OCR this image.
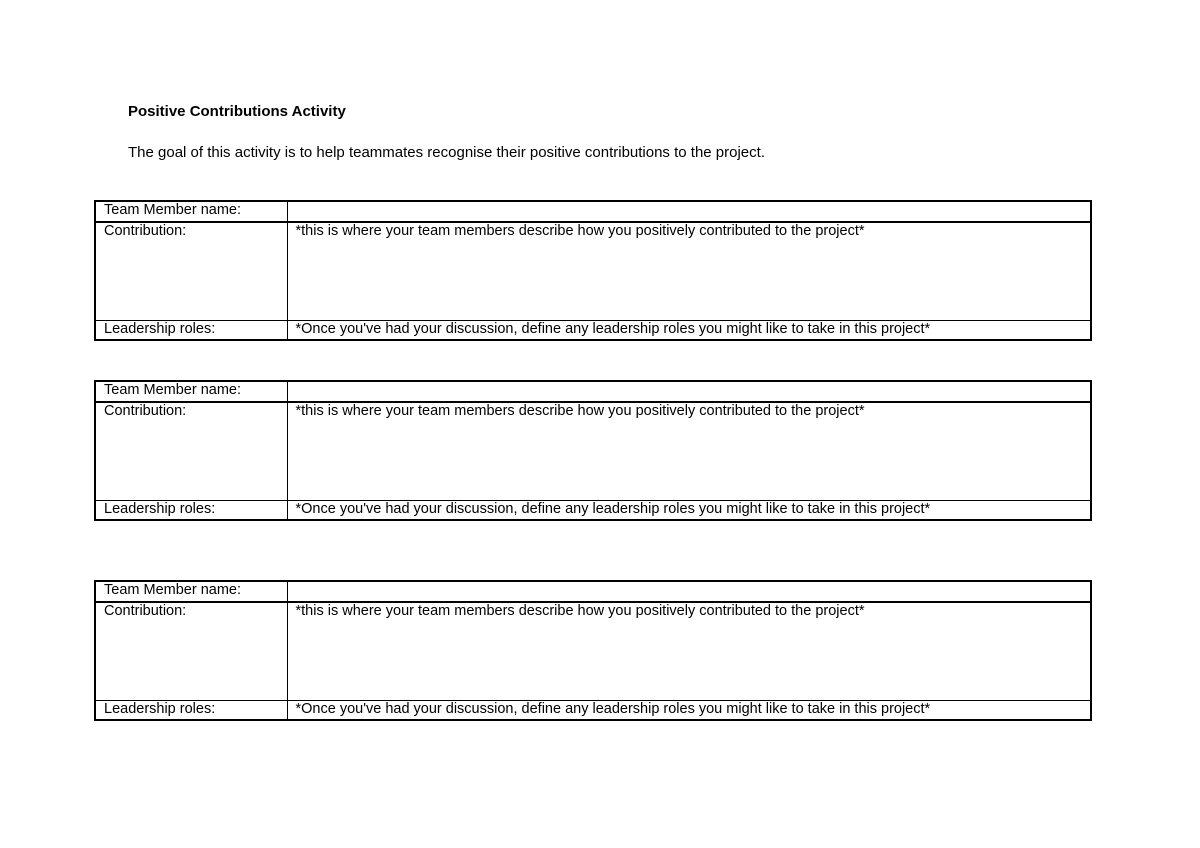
Positive Contributions Activity
The goal of this activity is to help teammates recognise their positive contributions to the project.
Team Member name:	
Contribution:	*this is where your team members describe how you positively contributed to the project*
Leadership roles:	*Once you've had your discussion, define any leadership roles you might like to take in this project*
Team Member name:	
Contribution:	*this is where your team members describe how you positively contributed to the project*
Leadership roles:	*Once you've had your discussion, define any leadership roles you might like to take in this project*
Team Member name:	
Contribution:	*this is where your team members describe how you positively contributed to the project*
Leadership roles:	*Once you've had your discussion, define any leadership roles you might like to take in this project*
